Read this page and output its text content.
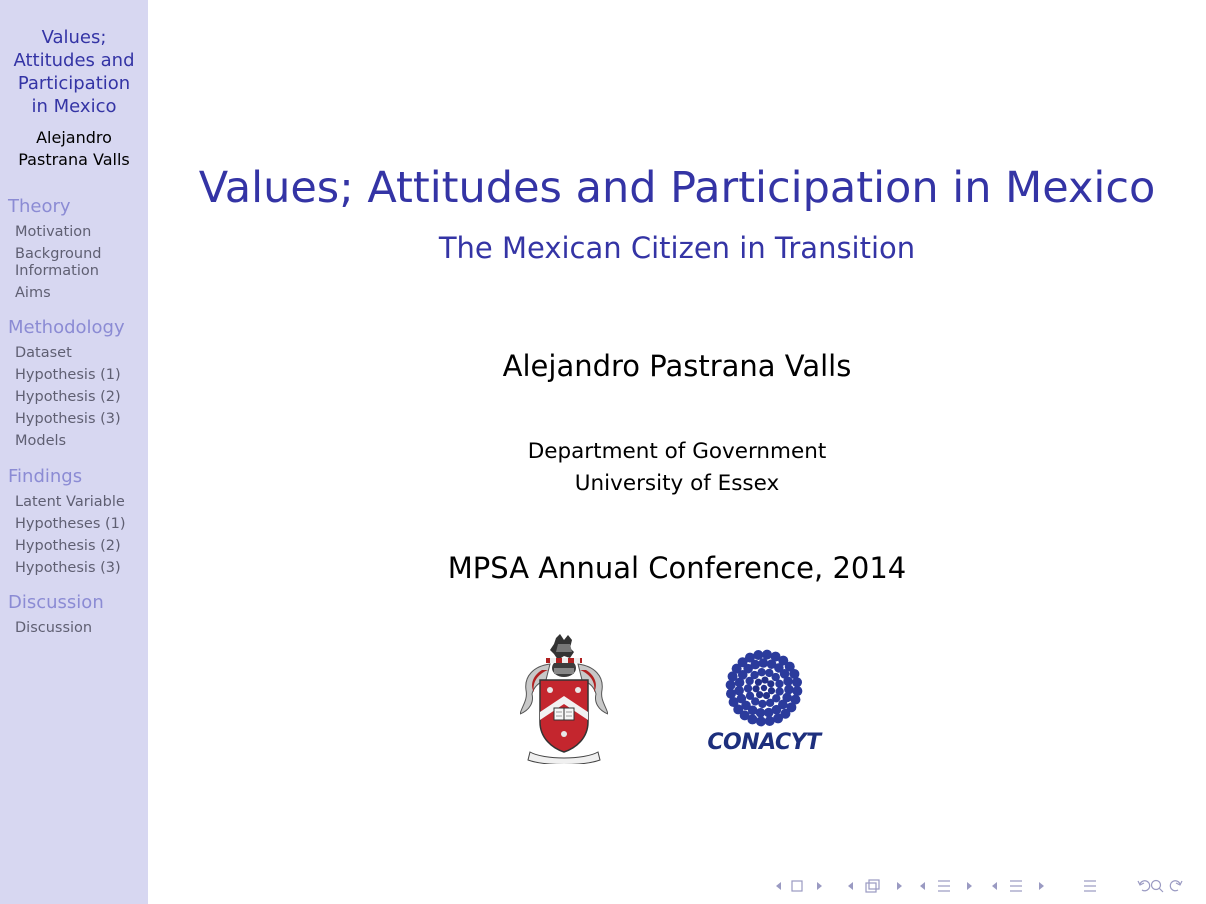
Values; Attitudes and Participation in Mexico
Alejandro Pastrana Valls
Theory
Motivation
Background Information
Aims
Methodology
Dataset
Hypothesis (1)
Hypothesis (2)
Hypothesis (3)
Models
Findings
Latent Variable
Hypotheses (1)
Hypothesis (2)
Hypothesis (3)
Discussion
Discussion
Values; Attitudes and Participation in Mexico
The Mexican Citizen in Transition
Alejandro Pastrana Valls
Department of Government
University of Essex
MPSA Annual Conference, 2014
CONACYT
